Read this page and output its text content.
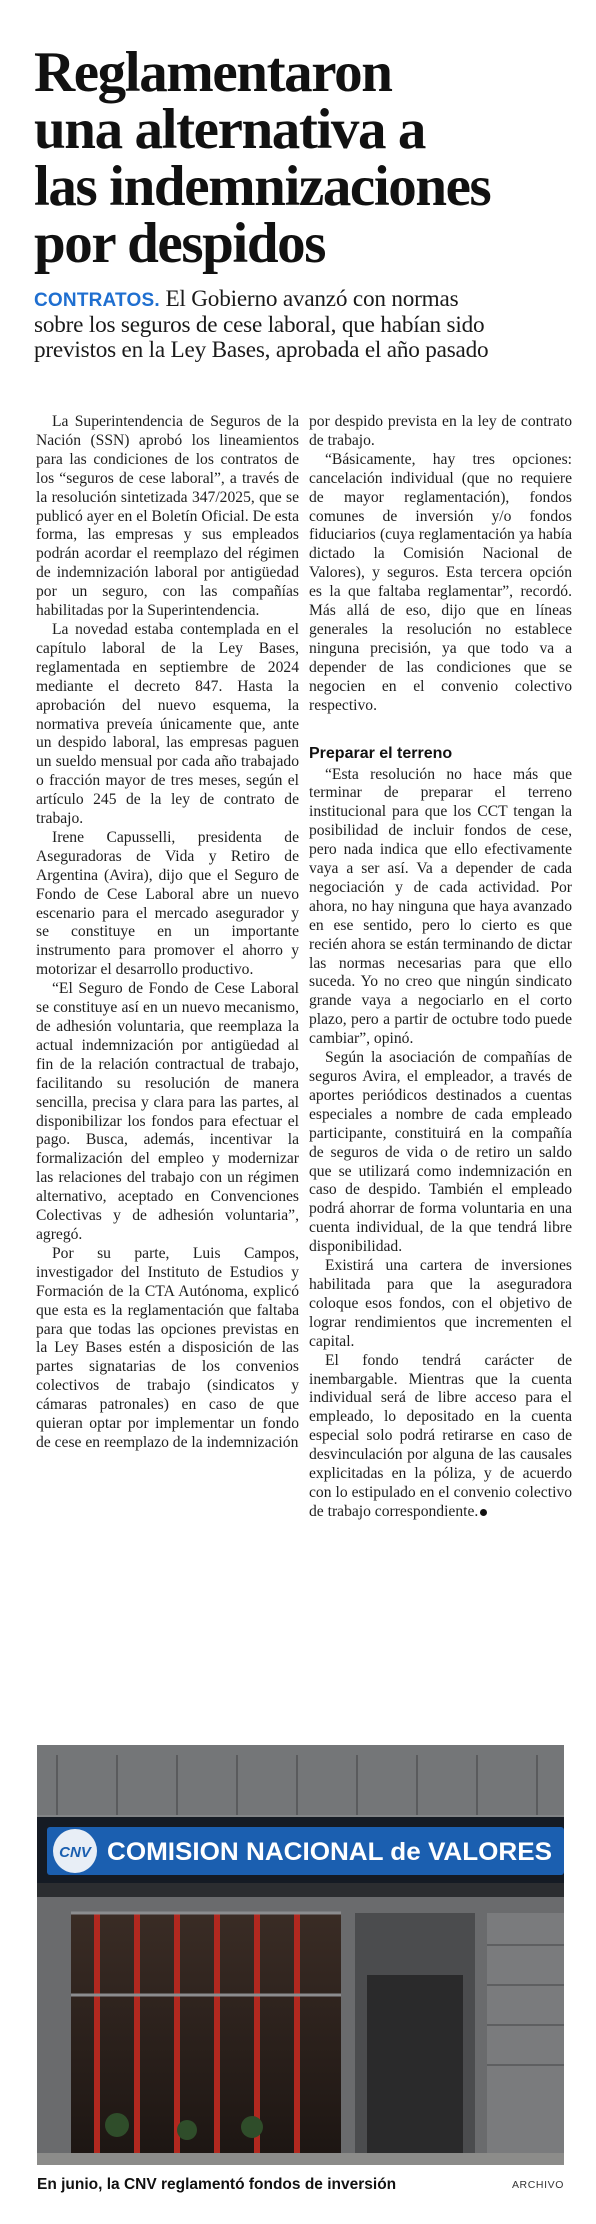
Reglamentaron
una alternativa a
las indemnizaciones
por despidos
CONTRATOS. El Gobierno avanzó con normas
sobre los seguros de cese laboral, que habían sido
previstos en la Ley Bases, aprobada el año pasado

La Superintendencia de Seguros de la Nación (SSN) aprobó los lineamientos para las condiciones de los contratos de los “seguros de cese laboral”, a través de la resolución sintetizada 347/2025, que se publicó ayer en el Boletín Oficial. De esta forma, las empresas y sus empleados podrán acordar el reemplazo del régimen de indemnización laboral por antigüedad por un seguro, con las compañías habilitadas por la Superintendencia.

La novedad estaba contemplada en el capítulo laboral de la Ley Bases, reglamentada en septiembre de 2024 mediante el decreto 847. Hasta la aprobación del nuevo esquema, la normativa preveía únicamente que, ante un despido laboral, las empresas paguen un sueldo mensual por cada año trabajado o fracción mayor de tres meses, según el artículo 245 de la ley de contrato de trabajo.

Irene Capusselli, presidenta de Aseguradoras de Vida y Retiro de Argentina (Avira), dijo que el Seguro de Fondo de Cese Laboral abre un nuevo escenario para el mercado asegurador y se constituye en un importante instrumento para promover el ahorro y motorizar el desarrollo productivo.

“El Seguro de Fondo de Cese Laboral se constituye así en un nuevo mecanismo, de adhesión voluntaria, que reemplaza la actual indemnización por antigüedad al fin de la relación contractual de trabajo, facilitando su resolución de manera sencilla, precisa y clara para las partes, al disponibilizar los fondos para efectuar el pago. Busca, además, incentivar la formalización del empleo y modernizar las relaciones del trabajo con un régimen alternativo, aceptado en Convenciones Colectivas y de adhesión voluntaria”, agregó.

Por su parte, Luis Campos, investigador del Instituto de Estudios y Formación de la CTA Autónoma, explicó que esta es la reglamentación que faltaba para que todas las opciones previstas en la Ley Bases estén a disposición de las partes signatarias de los convenios colectivos de trabajo (sindicatos y cámaras patronales) en caso de que quieran optar por implementar un fondo de cese en reemplazo de la indemnización

por despido prevista en la ley de contrato de trabajo.

“Básicamente, hay tres opciones: cancelación individual (que no requiere de mayor reglamentación), fondos comunes de inversión y/o fondos fiduciarios (cuya reglamentación ya había dictado la Comisión Nacional de Valores), y seguros. Esta tercera opción es la que faltaba reglamentar”, recordó. Más allá de eso, dijo que en líneas generales la resolución no establece ninguna precisión, ya que todo va a depender de las condiciones que se negocien en el convenio colectivo respectivo.

Preparar el terreno

“Esta resolución no hace más que terminar de preparar el terreno institucional para que los CCT tengan la posibilidad de incluir fondos de cese, pero nada indica que ello efectivamente vaya a ser así. Va a depender de cada negociación y de cada actividad. Por ahora, no hay ninguna que haya avanzado en ese sentido, pero lo cierto es que recién ahora se están terminando de dictar las normas necesarias para que ello suceda. Yo no creo que ningún sindicato grande vaya a negociarlo en el corto plazo, pero a partir de octubre todo puede cambiar”, opinó.

Según la asociación de compañías de seguros Avira, el empleador, a través de aportes periódicos destinados a cuentas especiales a nombre de cada empleado participante, constituirá en la compañía de seguros de vida o de retiro un saldo que se utilizará como indemnización en caso de despido. También el empleado podrá ahorrar de forma voluntaria en una cuenta individual, de la que tendrá libre disponibilidad.

Existirá una cartera de inversiones habilitada para que la aseguradora coloque esos fondos, con el objetivo de lograr rendimientos que incrementen el capital.

El fondo tendrá carácter de inembargable. Mientras que la cuenta individual será de libre acceso para el empleado, lo depositado en la cuenta especial solo podrá retirarse en caso de desvinculación por alguna de las causales explicitadas en la póliza, y de acuerdo con lo estipulado en el convenio colectivo de trabajo correspondiente.

CNV COMISION NACIONAL de VALORES
En junio, la CNV reglamentó fondos de inversión	ARCHIVO
